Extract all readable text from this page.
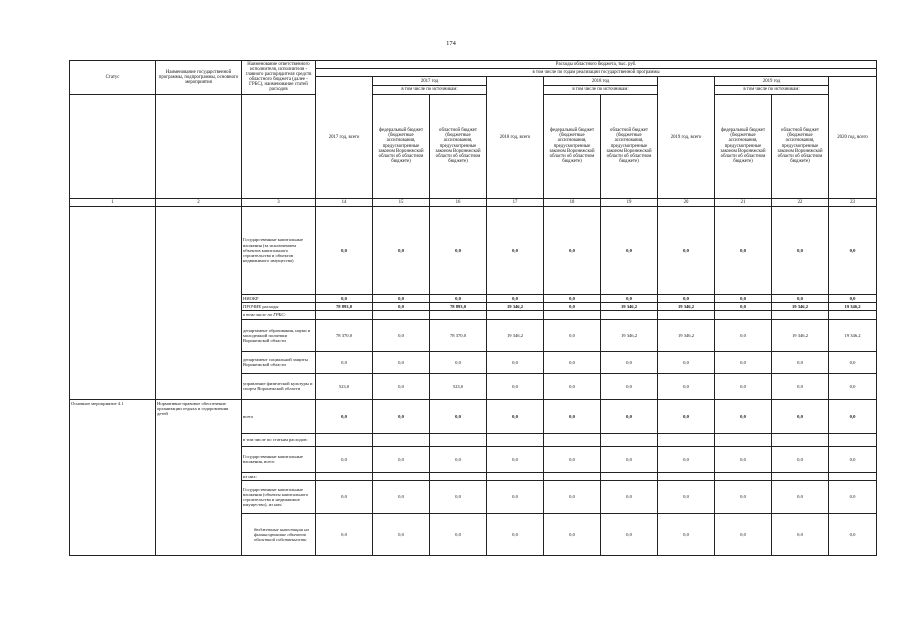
174
Статус	Наименование государственной программы, подпрограммы, основного мероприятия	Наименование ответственного исполнителя, исполнителя - главного распорядителя средств областного бюджета (далее - ГРБС), наименование статей расходов	Расходы областного бюджета, тыс. руб.									
			в том числе по годам реализации государственной программы									
			2017 год, всего	2017 год		2018 год, всего	2018 год		2019 год, всего	2019 год		2020 год, всего
				в том числе по источникам:			в том числе по источникам:			в том числе по источникам:		
				федеральный бюджет (бюджетные ассигнования, предусмотренные законом Воронежской области об областном бюджете)	областной бюджет (бюджетные ассигнования, предусмотренные законом Воронежской области об областном бюджете)		федеральный бюджет (бюджетные ассигнования, предусмотренные законом Воронежской области об областном бюджете)	областной бюджет (бюджетные ассигнования, предусмотренные законом Воронежской области об областном бюджете)		федеральный бюджет (бюджетные ассигнования, предусмотренные законом Воронежской области об областном бюджете)	областной бюджет (бюджетные ассигнования, предусмотренные законом Воронежской области об областном бюджете)	
1	2	3	14	15	16	17	18	19	20	21	22	23
		Государственные капитальные вложения (за исключением объектов капитального строительства и объектов недвижимого имущества)	0,0	0,0	0,0	0,0	0,0	0,0	0,0	0,0	0,0	0,0
		НИОКР	0,0	0,0	0,0	0,0	0,0	0,0	0,0	0,0	0,0	0,0
		ПРОЧИЕ расходы	78 893,0	0,0	78 893,0	19 346,2	0,0	19 346,2	19 346,2	0,0	19 346,2	19 346,2
		в том числе по ГРБС:										
		департамент образования, науки и молодежной политики Воронежской области	78 370,0	0,0	78 370,0	19 346,2	0,0	19 346,2	19 346,2	0,0	19 346,2	19 346,2
		департамент социальной защиты Воронежской области	0,0	0,0	0,0	0,0	0,0	0,0	0,0	0,0	0,0	0,0
		управление физической культуры и спорта Воронежской области	523,0	0,0	523,0	0,0	0,0	0,0	0,0	0,0	0,0	0,0
Основное мероприятие 4.1	Нормативно-правовое обеспечение организации отдыха и оздоровления детей	всего	0,0	0,0	0,0	0,0	0,0	0,0	0,0	0,0	0,0	0,0
		в том числе по статьям расходов:										
		Государственные капитальные вложения, всего	0,0	0,0	0,0	0,0	0,0	0,0	0,0	0,0	0,0	0,0
		из них:										
		Государственные капитальные вложения (объекты капитального строительства и недвижимое имущество), из них:	0,0	0,0	0,0	0,0	0,0	0,0	0,0	0,0	0,0	0,0
		бюджетные инвестиции на финансирование объектов областной собственности	0,0	0,0	0,0	0,0	0,0	0,0	0,0	0,0	0,0	0,0
